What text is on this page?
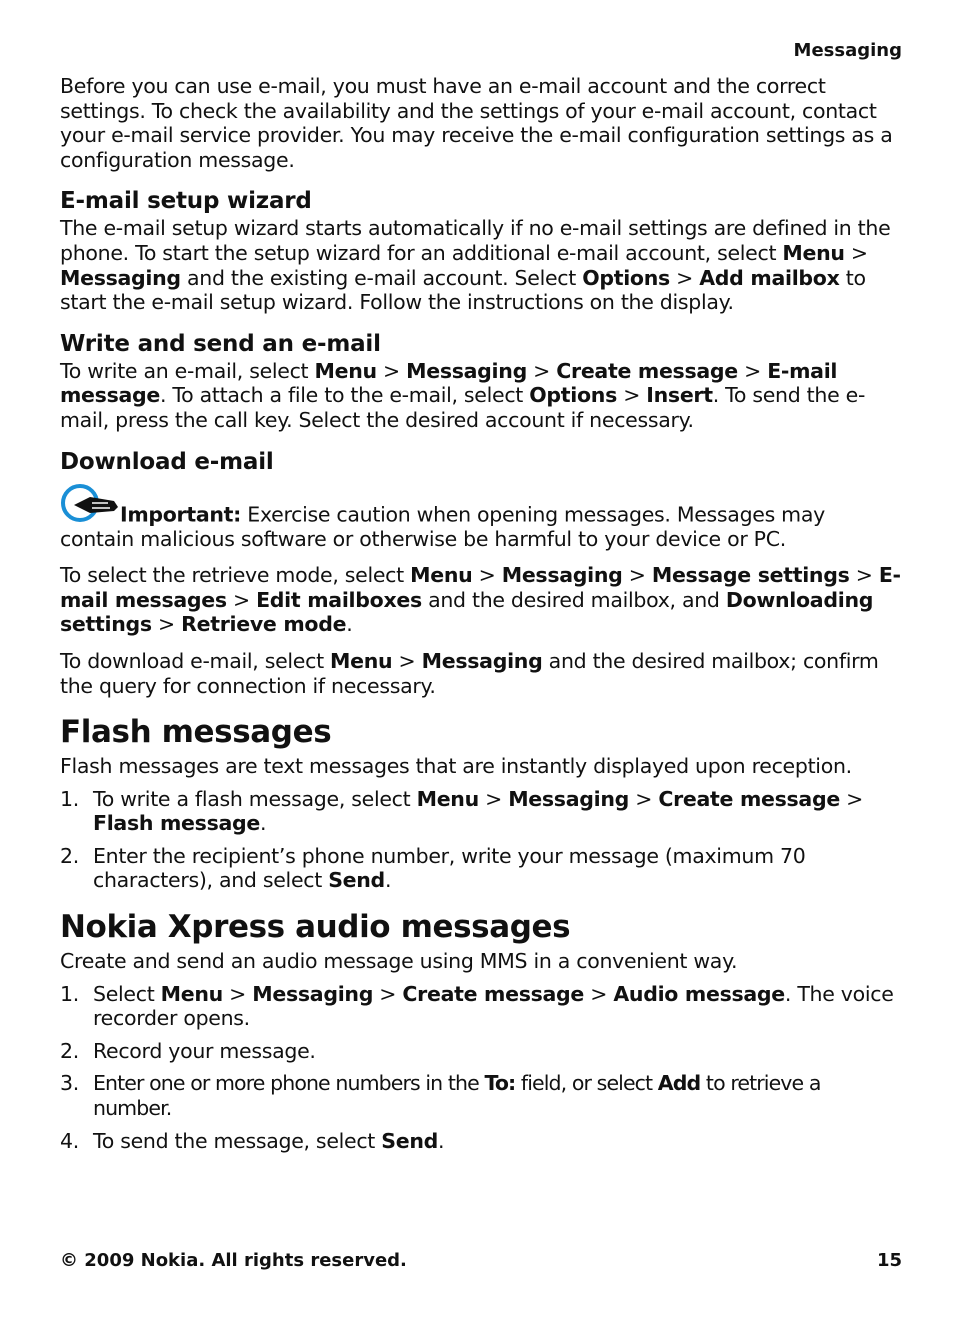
Messaging

Before you can use e-mail, you must have an e-mail account and the correct settings. To check the availability and the settings of your e-mail account, contact your e-mail service provider. You may receive the e-mail configuration settings as a configuration message.

E-mail setup wizard

The e-mail setup wizard starts automatically if no e-mail settings are defined in the phone. To start the setup wizard for an additional e-mail account, select Menu > Messaging and the existing e-mail account. Select Options > Add mailbox to start the e-mail setup wizard. Follow the instructions on the display.

Write and send an e-mail

To write an e-mail, select Menu > Messaging > Create message > E-mail message. To attach a file to the e-mail, select Options > Insert. To send the e-mail, press the call key. Select the desired account if necessary.

Download e-mail

Important: Exercise caution when opening messages. Messages may contain malicious software or otherwise be harmful to your device or PC.

To select the retrieve mode, select Menu > Messaging > Message settings > E-mail messages > Edit mailboxes and the desired mailbox, and Downloading settings > Retrieve mode.

To download e-mail, select Menu > Messaging and the desired mailbox; confirm the query for connection if necessary.

Flash messages

Flash messages are text messages that are instantly displayed upon reception.

1. To write a flash message, select Menu > Messaging > Create message > Flash message.
2. Enter the recipient’s phone number, write your message (maximum 70 characters), and select Send.
Nokia Xpress audio messages

Create and send an audio message using MMS in a convenient way.

1. Select Menu > Messaging > Create message > Audio message. The voice recorder opens.
2. Record your message.
3. Enter one or more phone numbers in the To: field, or select Add to retrieve a number.
4. To send the message, select Send.
© 2009 Nokia. All rights reserved.	15
